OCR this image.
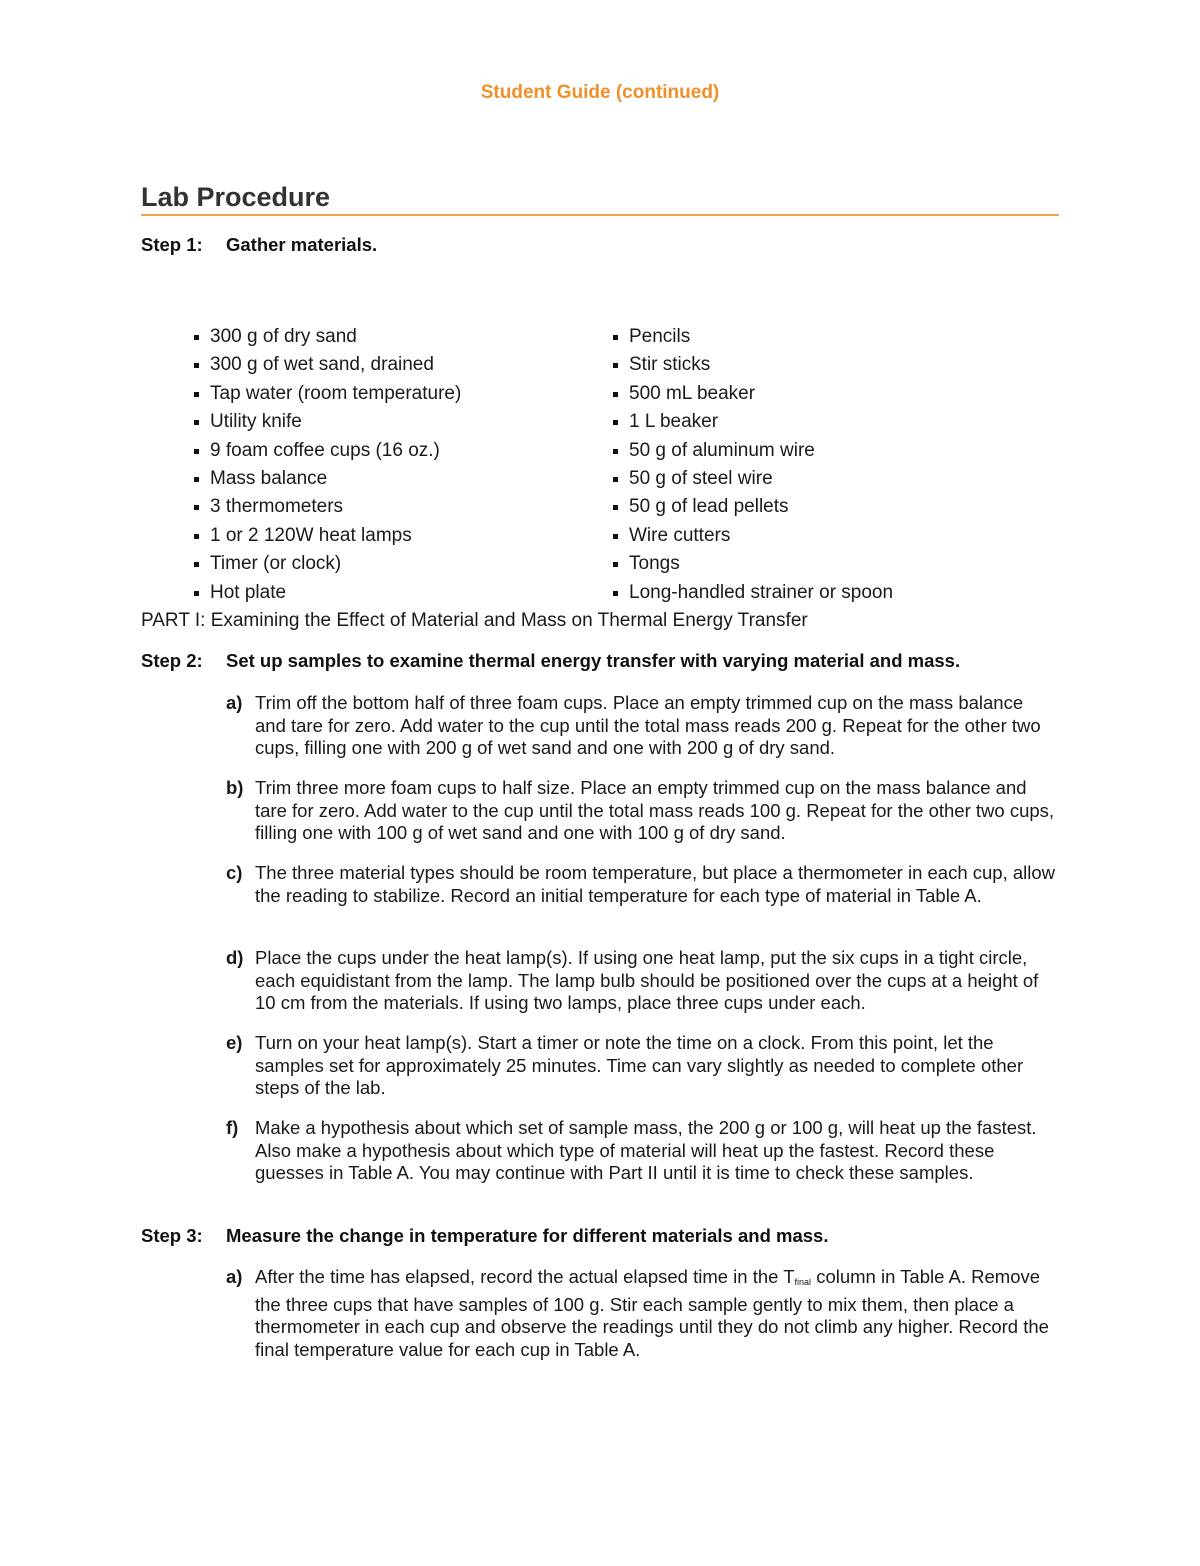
Student Guide (continued)
Lab Procedure
Step 1: Gather materials.
300 g of dry sand
300 g of wet sand, drained
Tap water (room temperature)
Utility knife
9 foam coffee cups (16 oz.)
Mass balance
3 thermometers
1 or 2 120W heat lamps
Timer (or clock)
Hot plate
Pencils
Stir sticks
500 mL beaker
1 L beaker
50 g of aluminum wire
50 g of steel wire
50 g of lead pellets
Wire cutters
Tongs
Long-handled strainer or spoon
PART I: Examining the Effect of Material and Mass on Thermal Energy Transfer
Step 2: Set up samples to examine thermal energy transfer with varying material and mass.
a) Trim off the bottom half of three foam cups. Place an empty trimmed cup on the mass balance and tare for zero. Add water to the cup until the total mass reads 200 g. Repeat for the other two cups, filling one with 200 g of wet sand and one with 200 g of dry sand.
b) Trim three more foam cups to half size. Place an empty trimmed cup on the mass balance and tare for zero. Add water to the cup until the total mass reads 100 g. Repeat for the other two cups, filling one with 100 g of wet sand and one with 100 g of dry sand.
c) The three material types should be room temperature, but place a thermometer in each cup, allow the reading to stabilize. Record an initial temperature for each type of material in Table A.
d) Place the cups under the heat lamp(s). If using one heat lamp, put the six cups in a tight circle, each equidistant from the lamp. The lamp bulb should be positioned over the cups at a height of 10 cm from the materials. If using two lamps, place three cups under each.
e) Turn on your heat lamp(s). Start a timer or note the time on a clock. From this point, let the samples set for approximately 25 minutes. Time can vary slightly as needed to complete other steps of the lab.
f) Make a hypothesis about which set of sample mass, the 200 g or 100 g, will heat up the fastest. Also make a hypothesis about which type of material will heat up the fastest. Record these guesses in Table A. You may continue with Part II until it is time to check these samples.
Step 3: Measure the change in temperature for different materials and mass.
a) After the time has elapsed, record the actual elapsed time in the $T_{final}$ column in Table A. Remove the three cups that have samples of 100 g. Stir each sample gently to mix them, then place a thermometer in each cup and observe the readings until they do not climb any higher. Record the final temperature value for each cup in Table A.
